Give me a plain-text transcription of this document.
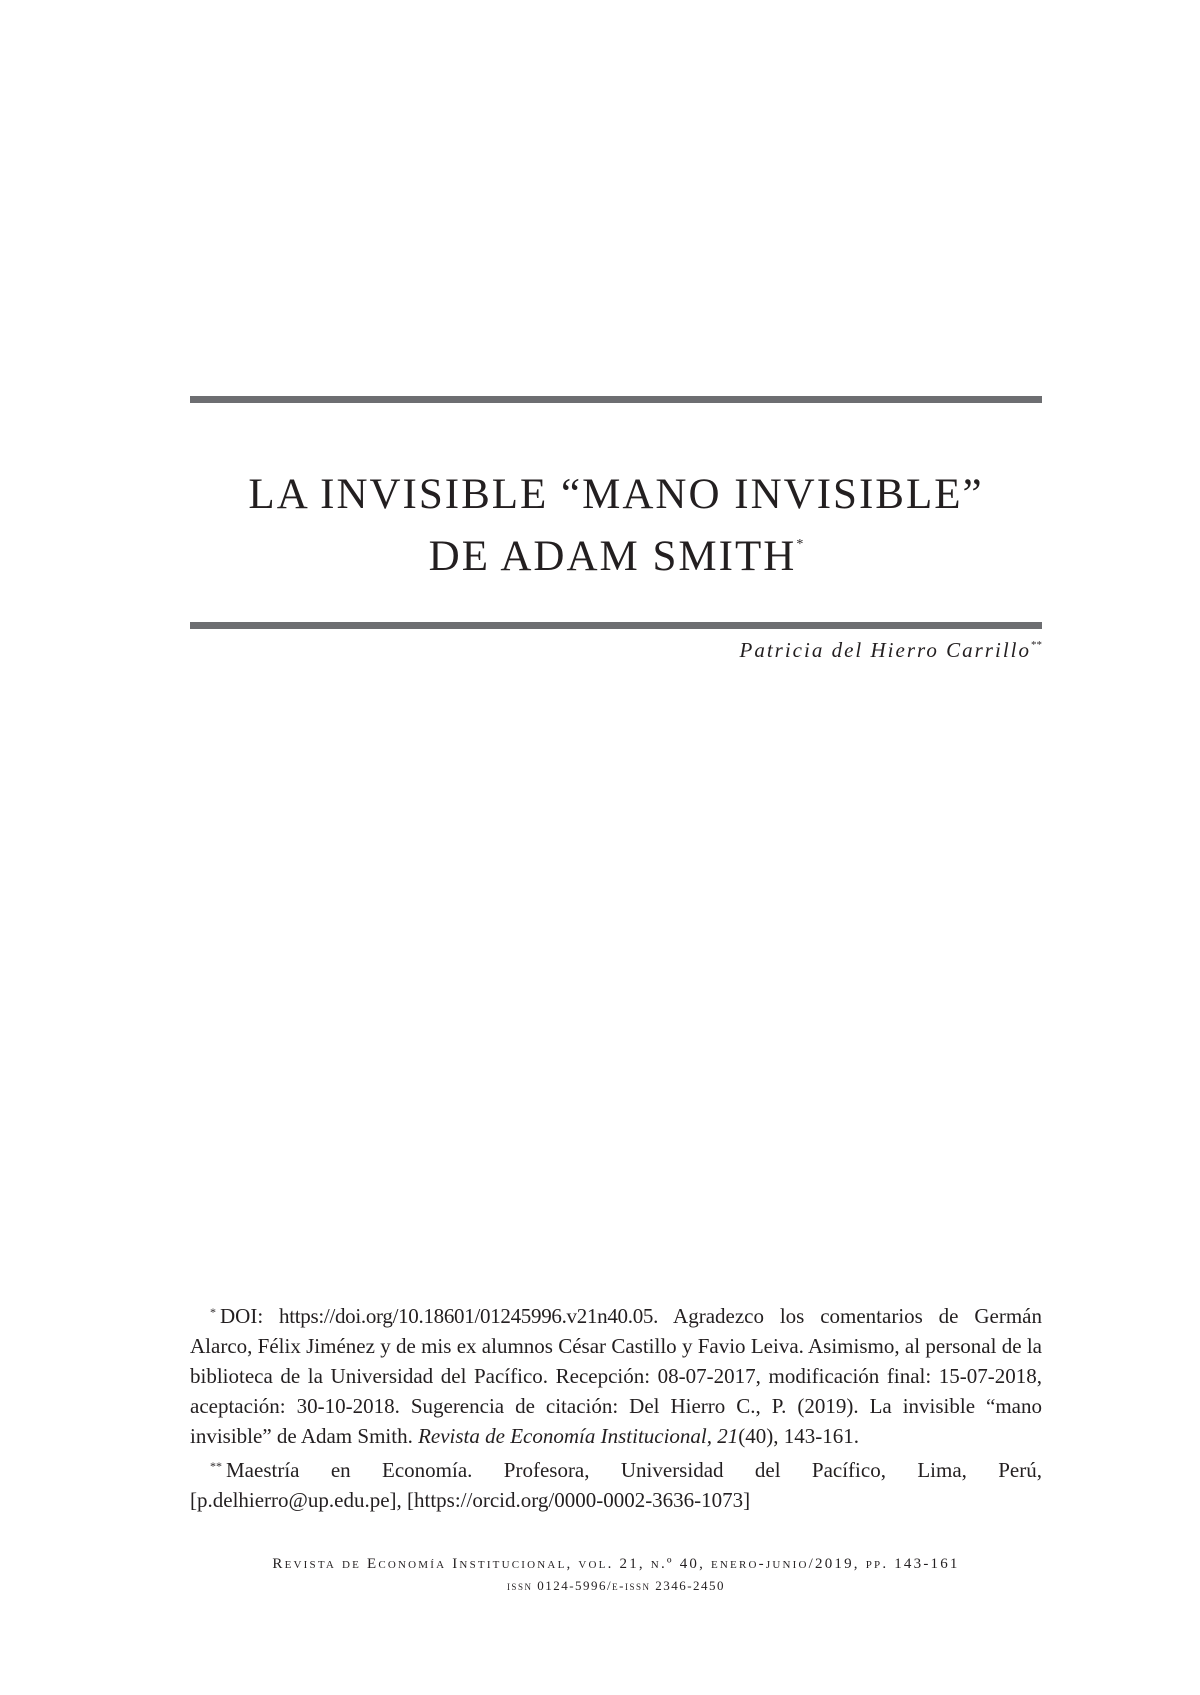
LA INVISIBLE “MANO INVISIBLE”
DE ADAM SMITH*
Patricia del Hierro Carrillo**

* DOI: https://doi.org/10.18601/01245996.v21n40.05. Agradezco los comentarios de Germán Alarco, Félix Jiménez y de mis ex alumnos César Castillo y Favio Leiva. Asimismo, al personal de la biblioteca de la Universidad del Pacífico. Recepción: 08-07-2017, modificación final: 15-07-2018, aceptación: 30-10-2018. Sugerencia de citación: Del Hierro C., P. (2019). La invisible “mano invisible” de Adam Smith. Revista de Economía Institucional, 21(40), 143-161.

** Maestría en Economía. Profesora, Universidad del Pacífico, Lima, Perú, [p.delhierro@up.edu.pe], [https://orcid.org/0000-0002-3636-1073]

Revista de Economía Institucional, vol. 21, n.º 40, enero-junio/2019, pp. 143-161
issn 0124-5996/e-issn 2346-2450
